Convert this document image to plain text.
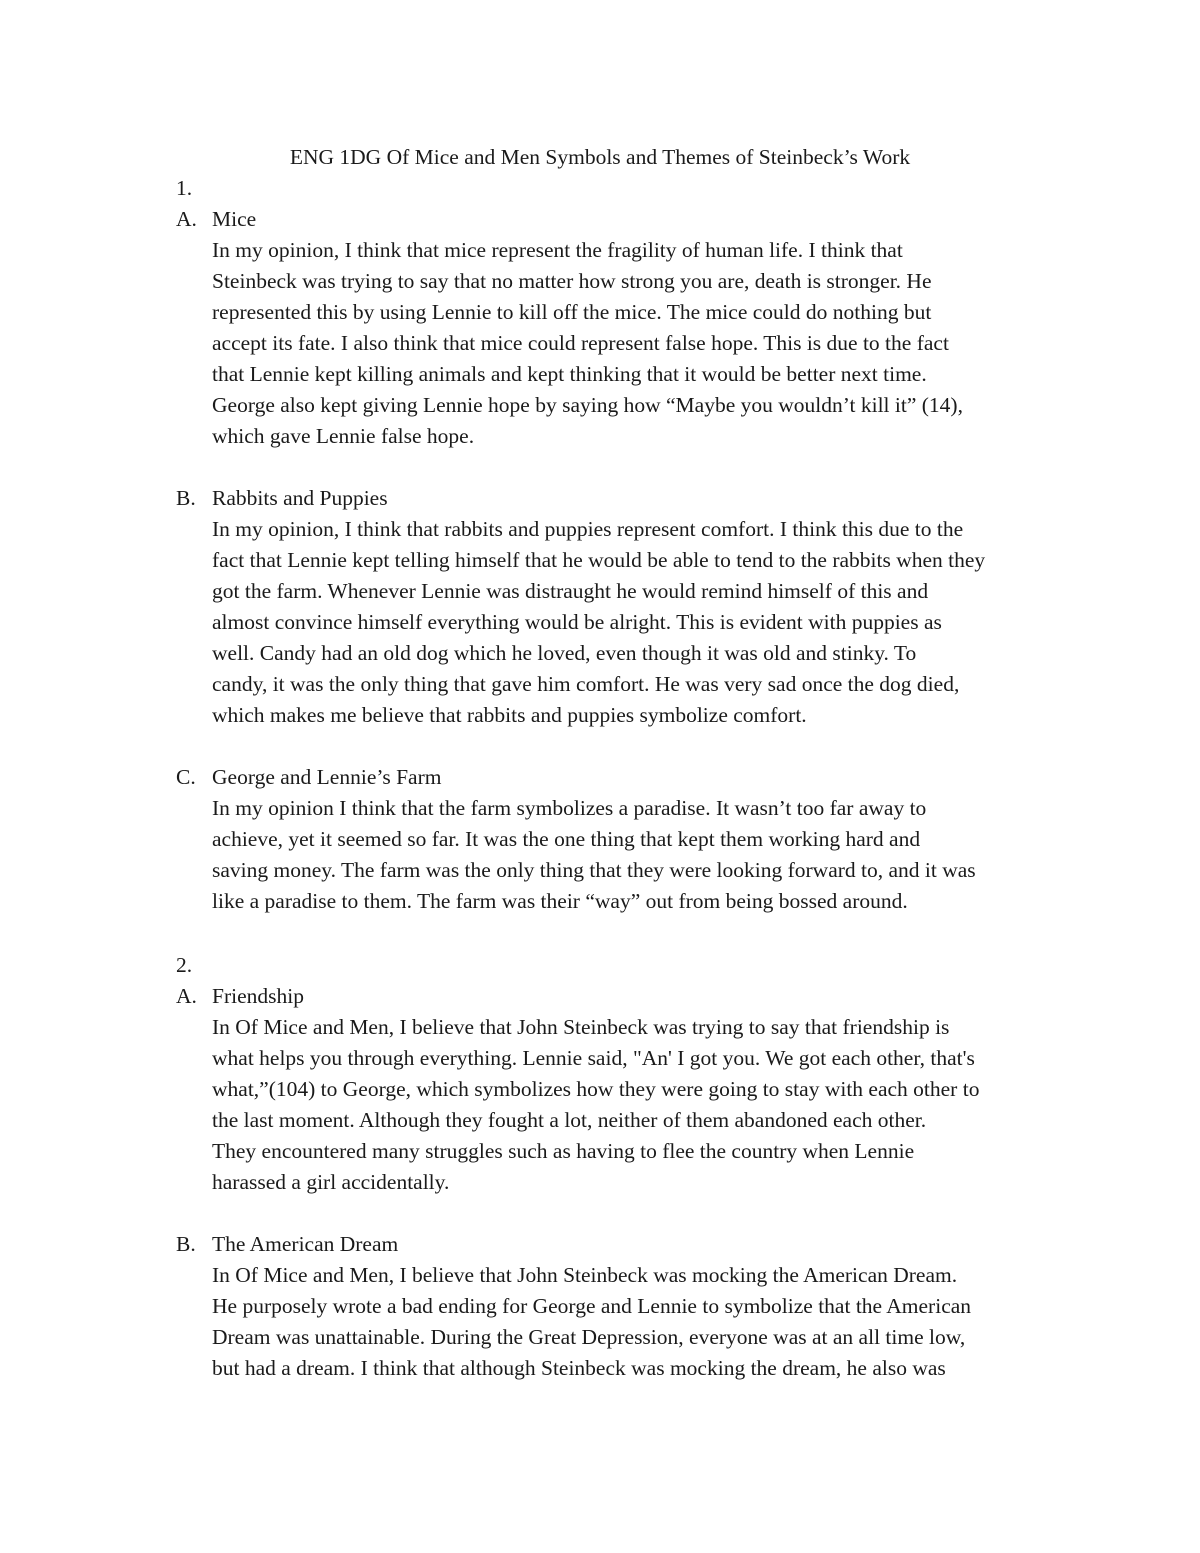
ENG 1DG Of Mice and Men Symbols and Themes of Steinbeck’s Work
1.
A. Mice
In my opinion, I think that mice represent the fragility of human life. I think that
Steinbeck was trying to say that no matter how strong you are, death is stronger. He
represented this by using Lennie to kill off the mice. The mice could do nothing but
accept its fate. I also think that mice could represent false hope. This is due to the fact
that Lennie kept killing animals and kept thinking that it would be better next time.
George also kept giving Lennie hope by saying how “Maybe you wouldn’t kill it” (14),
which gave Lennie false hope.
B. Rabbits and Puppies
In my opinion, I think that rabbits and puppies represent comfort. I think this due to the
fact that Lennie kept telling himself that he would be able to tend to the rabbits when they
got the farm. Whenever Lennie was distraught he would remind himself of this and
almost convince himself everything would be alright. This is evident with puppies as
well. Candy had an old dog which he loved, even though it was old and stinky. To
candy, it was the only thing that gave him comfort. He was very sad once the dog died,
which makes me believe that rabbits and puppies symbolize comfort.
C. George and Lennie’s Farm
In my opinion I think that the farm symbolizes a paradise. It wasn’t too far away to
achieve, yet it seemed so far. It was the one thing that kept them working hard and
saving money. The farm was the only thing that they were looking forward to, and it was
like a paradise to them. The farm was their “way” out from being bossed around.
2.
A. Friendship
In Of Mice and Men, I believe that John Steinbeck was trying to say that friendship is
what helps you through everything. Lennie said, "An' I got you. We got each other, that's
what,”(104) to George, which symbolizes how they were going to stay with each other to
the last moment. Although they fought a lot, neither of them abandoned each other.
They encountered many struggles such as having to flee the country when Lennie
harassed a girl accidentally.
B. The American Dream
In Of Mice and Men, I believe that John Steinbeck was mocking the American Dream.
He purposely wrote a bad ending for George and Lennie to symbolize that the American
Dream was unattainable. During the Great Depression, everyone was at an all time low,
but had a dream. I think that although Steinbeck was mocking the dream, he also was
